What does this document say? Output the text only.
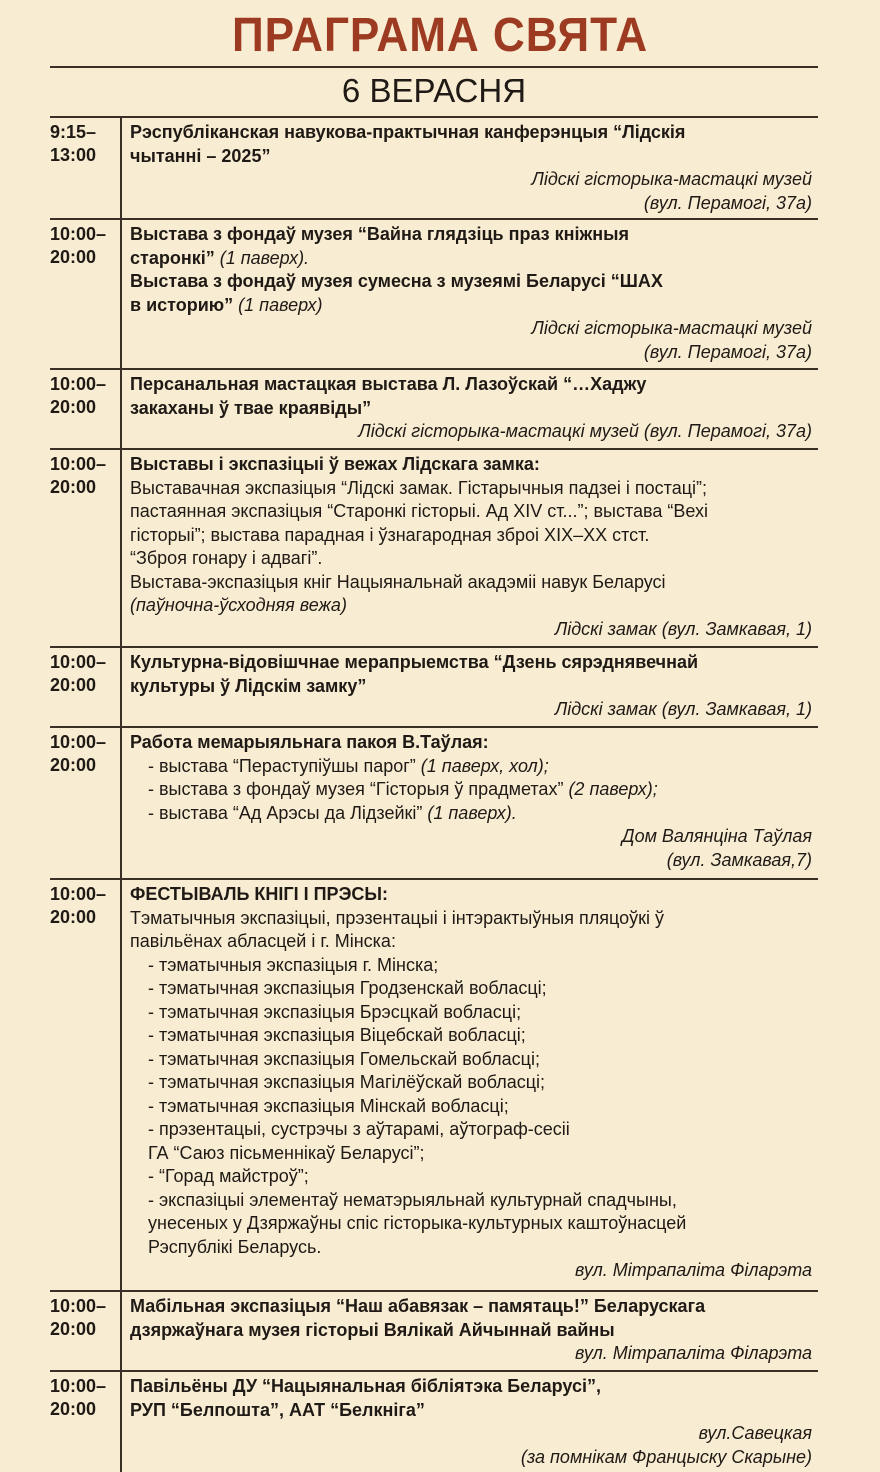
ПРАГРАМА СВЯТА
6 ВЕРАСНЯ
9:15–
13:00
Рэспубліканская навукова-практычная канферэнцыя “Лідскія
чытанні – 2025”
Лідскі гісторыка-мастацкі музей
(вул. Перамогі, 37а)
10:00–
20:00
Выстава з фондаў музея “Вайна глядзіць праз кніжныя
старонкі” (1 паверх).
Выстава з фондаў музея сумесна з музеямі Беларусі “ШАХ
в историю” (1 паверх)
Лідскі гісторыка-мастацкі музей
(вул. Перамогі, 37а)
10:00–
20:00
Персанальная мастацкая выстава Л. Лазоўскай “…Хаджу
закаханы ў твае краявіды”
Лідскі гісторыка-мастацкі музей (вул. Перамогі, 37а)
10:00–
20:00
Выставы і экспазіцыі ў вежах Лідскага замка:
Выставачная экспазіцыя “Лідскі замак. Гістарычныя падзеі і постаці”;
пастаянная экспазіцыя “Старонкі гісторыі. Ад XIV ст...”; выстава “Вехі
гісторыі”; выстава парадная і ўзнагародная зброі XIX–XX стст.
“Зброя гонару і адвагі”.
Выстава-экспазіцыя кніг Нацыянальнай акадэміі навук Беларусі
(паўночна-ўсходняя вежа)
Лідскі замак (вул. Замкавая, 1)
10:00–
20:00
Культурна-відовішчнае мерапрыемства “Дзень сярэднявечнай
культуры ў Лідскім замку”
Лідскі замак (вул. Замкавая, 1)
10:00–
20:00
Работа мемарыяльнага пакоя В.Таўлая:
- выстава “Пераступіўшы парог” (1 паверх, хол);
- выстава з фондаў музея “Гісторыя ў прадметах” (2 паверх);
- выстава “Ад Арэсы да Лідзейкі” (1 паверх).
Дом Валянціна Таўлая
(вул. Замкавая,7)
10:00–
20:00
ФЕСТЫВАЛЬ КНІГІ І ПРЭСЫ:
Тэматычныя экспазіцыі, прэзентацыі і інтэрактыўныя пляцоўкі ў
павільёнах абласцей і г. Мінска:
- тэматычныя экспазіцыя г. Мінска;
- тэматычная экспазіцыя Гродзенскай вобласці;
- тэматычная экспазіцыя Брэсцкай вобласці;
- тэматычная экспазіцыя Віцебскай вобласці;
- тэматычная экспазіцыя Гомельскай вобласці;
- тэматычная экспазіцыя Магілёўскай вобласці;
- тэматычная экспазіцыя Мінскай вобласці;
- прэзентацыі, сустрэчы з аўтарамі, аўтограф-сесіі
ГА “Саюз пісьменнікаў Беларусі”;
- “Горад майстроў”;
- экспазіцыі элементаў нематэрыяльнай культурнай спадчыны,
унесеных у Дзяржаўны спіс гісторыка-культурных каштоўнасцей
Рэспублікі Беларусь.
вул. Мітрапаліта Філарэта
10:00–
20:00
Мабільная экспазіцыя “Наш абавязак – памятаць!” Беларускага
дзяржаўнага музея гісторыі Вялікай Айчыннай вайны
вул. Мітрапаліта Філарэта
10:00–
20:00
Павільёны ДУ “Нацыянальная бібліятэка Беларусі”,
РУП “Белпошта”, ААТ “Белкніга”
вул.Савецкая
(за помнікам Францыску Скарыне)
